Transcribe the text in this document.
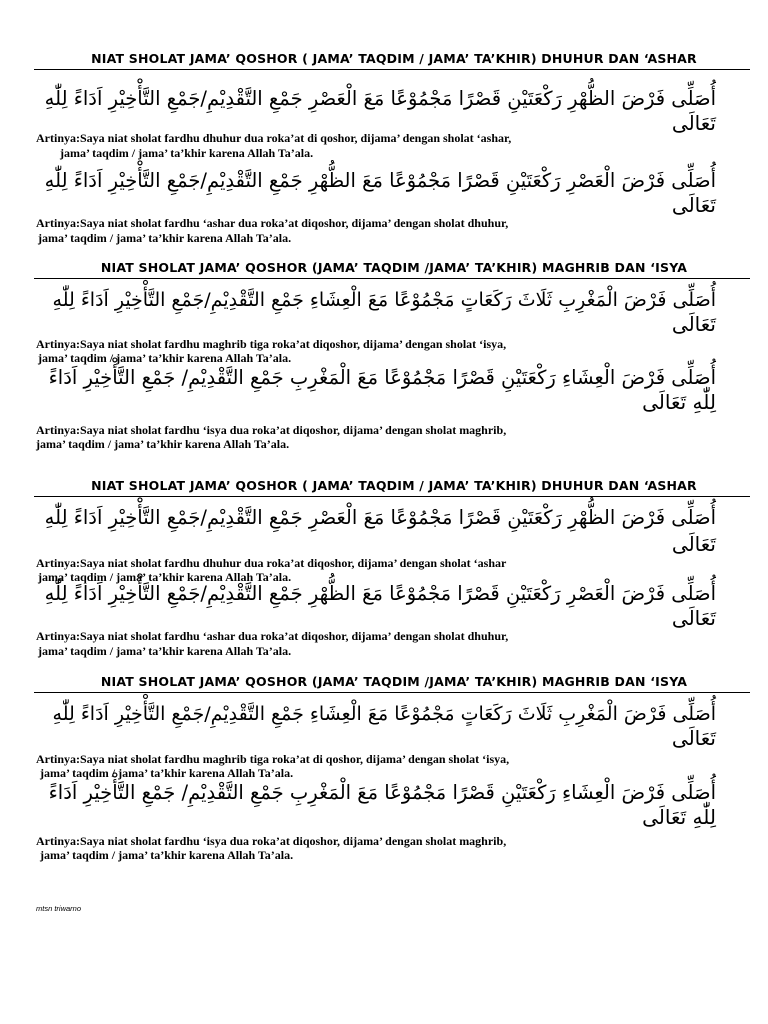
NIAT SHOLAT JAMA’ QOSHOR ( JAMA’ TAQDIM / JAMA’ TA’KHIR) DHUHUR DAN ‘ASHAR
أُصَلِّى فَرْضَ الظُّهْرِ رَكْعَتَيْنِ قَصْرًا مَجْمُوْعًا مَعَ الْعَصْرِ جَمْعِ التَّقْدِيْمِ/جَمْعِ التَّأْخِيْرِ اَدَاءً لِلّٰهِ
تَعَالَى
Artinya:Saya niat sholat fardhu dhuhur dua roka’at di qoshor, dijama’ dengan sholat ‘ashar,
jama’ taqdim / jama’ ta’khir karena Allah Ta’ala.
أُصَلِّى فَرْضَ الْعَصْرِ رَكْعَتَيْنِ قَصْرًا مَجْمُوْعًا مَعَ الظُّهْرِ جَمْعِ التَّقْدِيْمِ/جَمْعِ التَّأْخِيْرِ اَدَاءً لِلّٰهِ
تَعَالَى
Artinya:Saya niat sholat fardhu ‘ashar dua roka’at diqoshor, dijama’ dengan sholat dhuhur,
jama’ taqdim / jama’ ta’khir karena Allah Ta’ala.
NIAT SHOLAT JAMA’ QOSHOR (JAMA’ TAQDIM /JAMA’ TA’KHIR) MAGHRIB DAN ‘ISYA
أُصَلِّى فَرْضَ الْمَغْرِبِ ثَلَاثَ رَكَعَاتٍ مَجْمُوْعًا مَعَ الْعِشَاءِ جَمْعِ التَّقْدِيْمِ/جَمْعِ التَّأْخِيْرِ اَدَاءً لِلّٰهِ
تَعَالَى
Artinya:Saya niat sholat fardhu maghrib tiga roka’at diqoshor, dijama’ dengan sholat ‘isya,
jama’ taqdim / jama’ ta’khir karena Allah Ta’ala.
أُصَلِّى فَرْضَ الْعِشَاءِ رَكْعَتَيْنِ قَصْرًا مَجْمُوْعًا مَعَ الْمَغْرِبِ جَمْعِ التَّقْدِيْمِ/ جَمْعِ التَّأْخِيْرِ اَدَاءً
لِلّٰهِ تَعَالَى
Artinya:Saya niat sholat fardhu ‘isya dua roka’at diqoshor, dijama’ dengan sholat maghrib,
jama’ taqdim / jama’ ta’khir karena Allah Ta’ala.
NIAT SHOLAT JAMA’ QOSHOR ( JAMA’ TAQDIM / JAMA’ TA’KHIR) DHUHUR DAN ‘ASHAR
أُصَلِّى فَرْضَ الظُّهْرِ رَكْعَتَيْنِ قَصْرًا مَجْمُوْعًا مَعَ الْعَصْرِ جَمْعِ التَّقْدِيْمِ/جَمْعِ التَّأْخِيْرِ اَدَاءً لِلّٰهِ
تَعَالَى
Artinya:Saya niat sholat fardhu dhuhur dua roka’at diqoshor, dijama’ dengan sholat ‘ashar
jama’ taqdim / jama’ ta’khir karena Allah Ta’ala.
أُصَلِّى فَرْضَ الْعَصْرِ رَكْعَتَيْنِ قَصْرًا مَجْمُوْعًا مَعَ الظُّهْرِ جَمْعِ التَّقْدِيْمِ/جَمْعِ التَّأْخِيْرِ اَدَاءً لِلّٰهِ
تَعَالَى
Artinya:Saya niat sholat fardhu ‘ashar dua roka’at diqoshor, dijama’ dengan sholat dhuhur,
jama’ taqdim / jama’ ta’khir karena Allah Ta’ala.
NIAT SHOLAT JAMA’ QOSHOR (JAMA’ TAQDIM /JAMA’ TA’KHIR) MAGHRIB DAN ‘ISYA
أُصَلِّى فَرْضَ الْمَغْرِبِ ثَلَاثَ رَكَعَاتٍ مَجْمُوْعًا مَعَ الْعِشَاءِ جَمْعِ التَّقْدِيْمِ/جَمْعِ التَّأْخِيْرِ اَدَاءً لِلّٰهِ
تَعَالَى
Artinya:Saya niat sholat fardhu maghrib tiga roka’at di qoshor, dijama’ dengan sholat ‘isya,
jama’ taqdim / jama’ ta’khir karena Allah Ta’ala.
أُصَلِّى فَرْضَ الْعِشَاءِ رَكْعَتَيْنِ قَصْرًا مَجْمُوْعًا مَعَ الْمَغْرِبِ جَمْعِ التَّقْدِيْمِ/ جَمْعِ التَّأْخِيْرِ اَدَاءً
لِلّٰهِ تَعَالَى
Artinya:Saya niat sholat fardhu ‘isya dua roka’at diqoshor, dijama’ dengan sholat maghrib,
jama’ taqdim / jama’ ta’khir karena Allah Ta’ala.
mtsn triwarno
